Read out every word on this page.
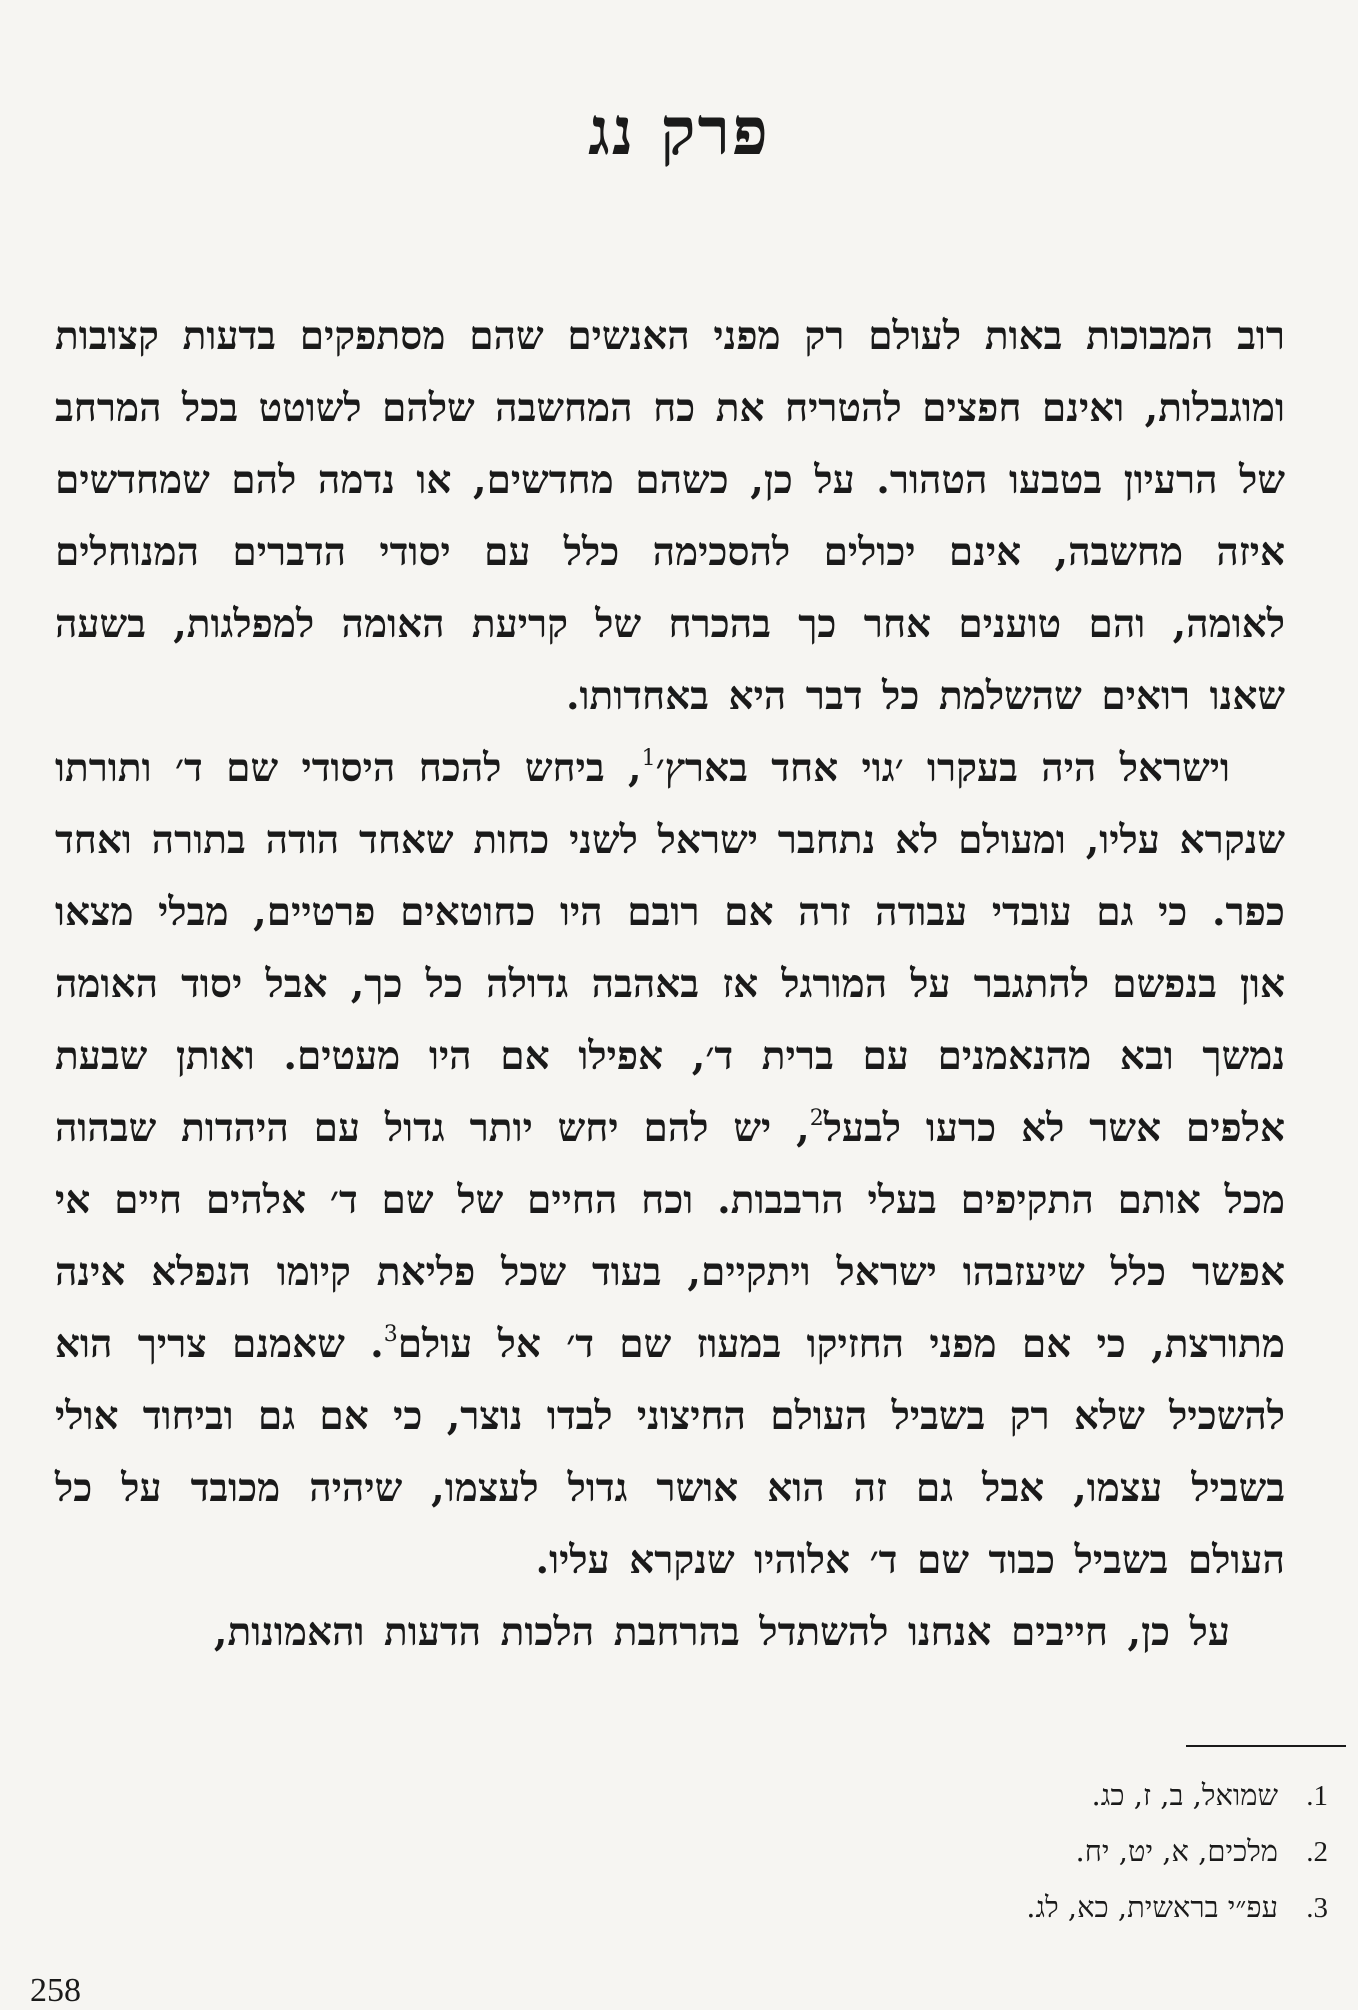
פרק נג

רוב המבוכות באות לעולם רק מפני האנשים שהם מסתפקים בדעות קצובות ומוגבלות, ואינם חפצים להטריח את כח המחשבה שלהם לשוטט בכל המרחב של הרעיון בטבעו הטהור. על כן, כשהם מחדשים, או נדמה להם שמחדשים איזה מחשבה, אינם יכולים להסכימה כלל עם יסודי הדברים המנוחלים לאומה, והם טוענים אחר כך בהכרח של קריעת האומה למפלגות, בשעה שאנו רואים שהשלמת כל דבר היא באחדותו.

וישראל היה בעקרו ׳גוי אחד בארץ׳$^1$, ביחש להכח היסודי שם ד׳ ותורתו שנקרא עליו, ומעולם לא נתחבר ישראל לשני כחות שאחד הודה בתורה ואחד כפר. כי גם עובדי עבודה זרה אם רובם היו כחוטאים פרטיים, מבלי מצאו און בנפשם להתגבר על המורגל אז באהבה גדולה כל כך, אבל יסוד האומה נמשך ובא מהנאמנים עם ברית ד׳, אפילו אם היו מעטים. ואותן שבעת אלפים אשר לא כרעו לבעל$^2$, יש להם יחש יותר גדול עם היהדות שבהוה מכל אותם התקיפים בעלי הרבבות. וכח החיים של שם ד׳ אלהים חיים אי אפשר כלל שיעזבהו ישראל ויתקיים, בעוד שכל פליאת קיומו הנפלא אינה מתורצת, כי אם מפני החזיקו במעוז שם ד׳ אל עולם$^3$. שאמנם צריך הוא להשכיל שלא רק בשביל העולם החיצוני לבדו נוצר, כי אם גם וביחוד אולי בשביל עצמו, אבל גם זה הוא אושר גדול לעצמו, שיהיה מכובד על כל העולם בשביל כבוד שם ד׳ אלוהיו שנקרא עליו.

על כן, חייבים אנחנו להשתדל בהרחבת הלכות הדעות והאמונות,

1.שמואל, ב, ז, כג.
2.מלכים, א, יט, יח.
3.עפ״י בראשית, כא, לג.
258
